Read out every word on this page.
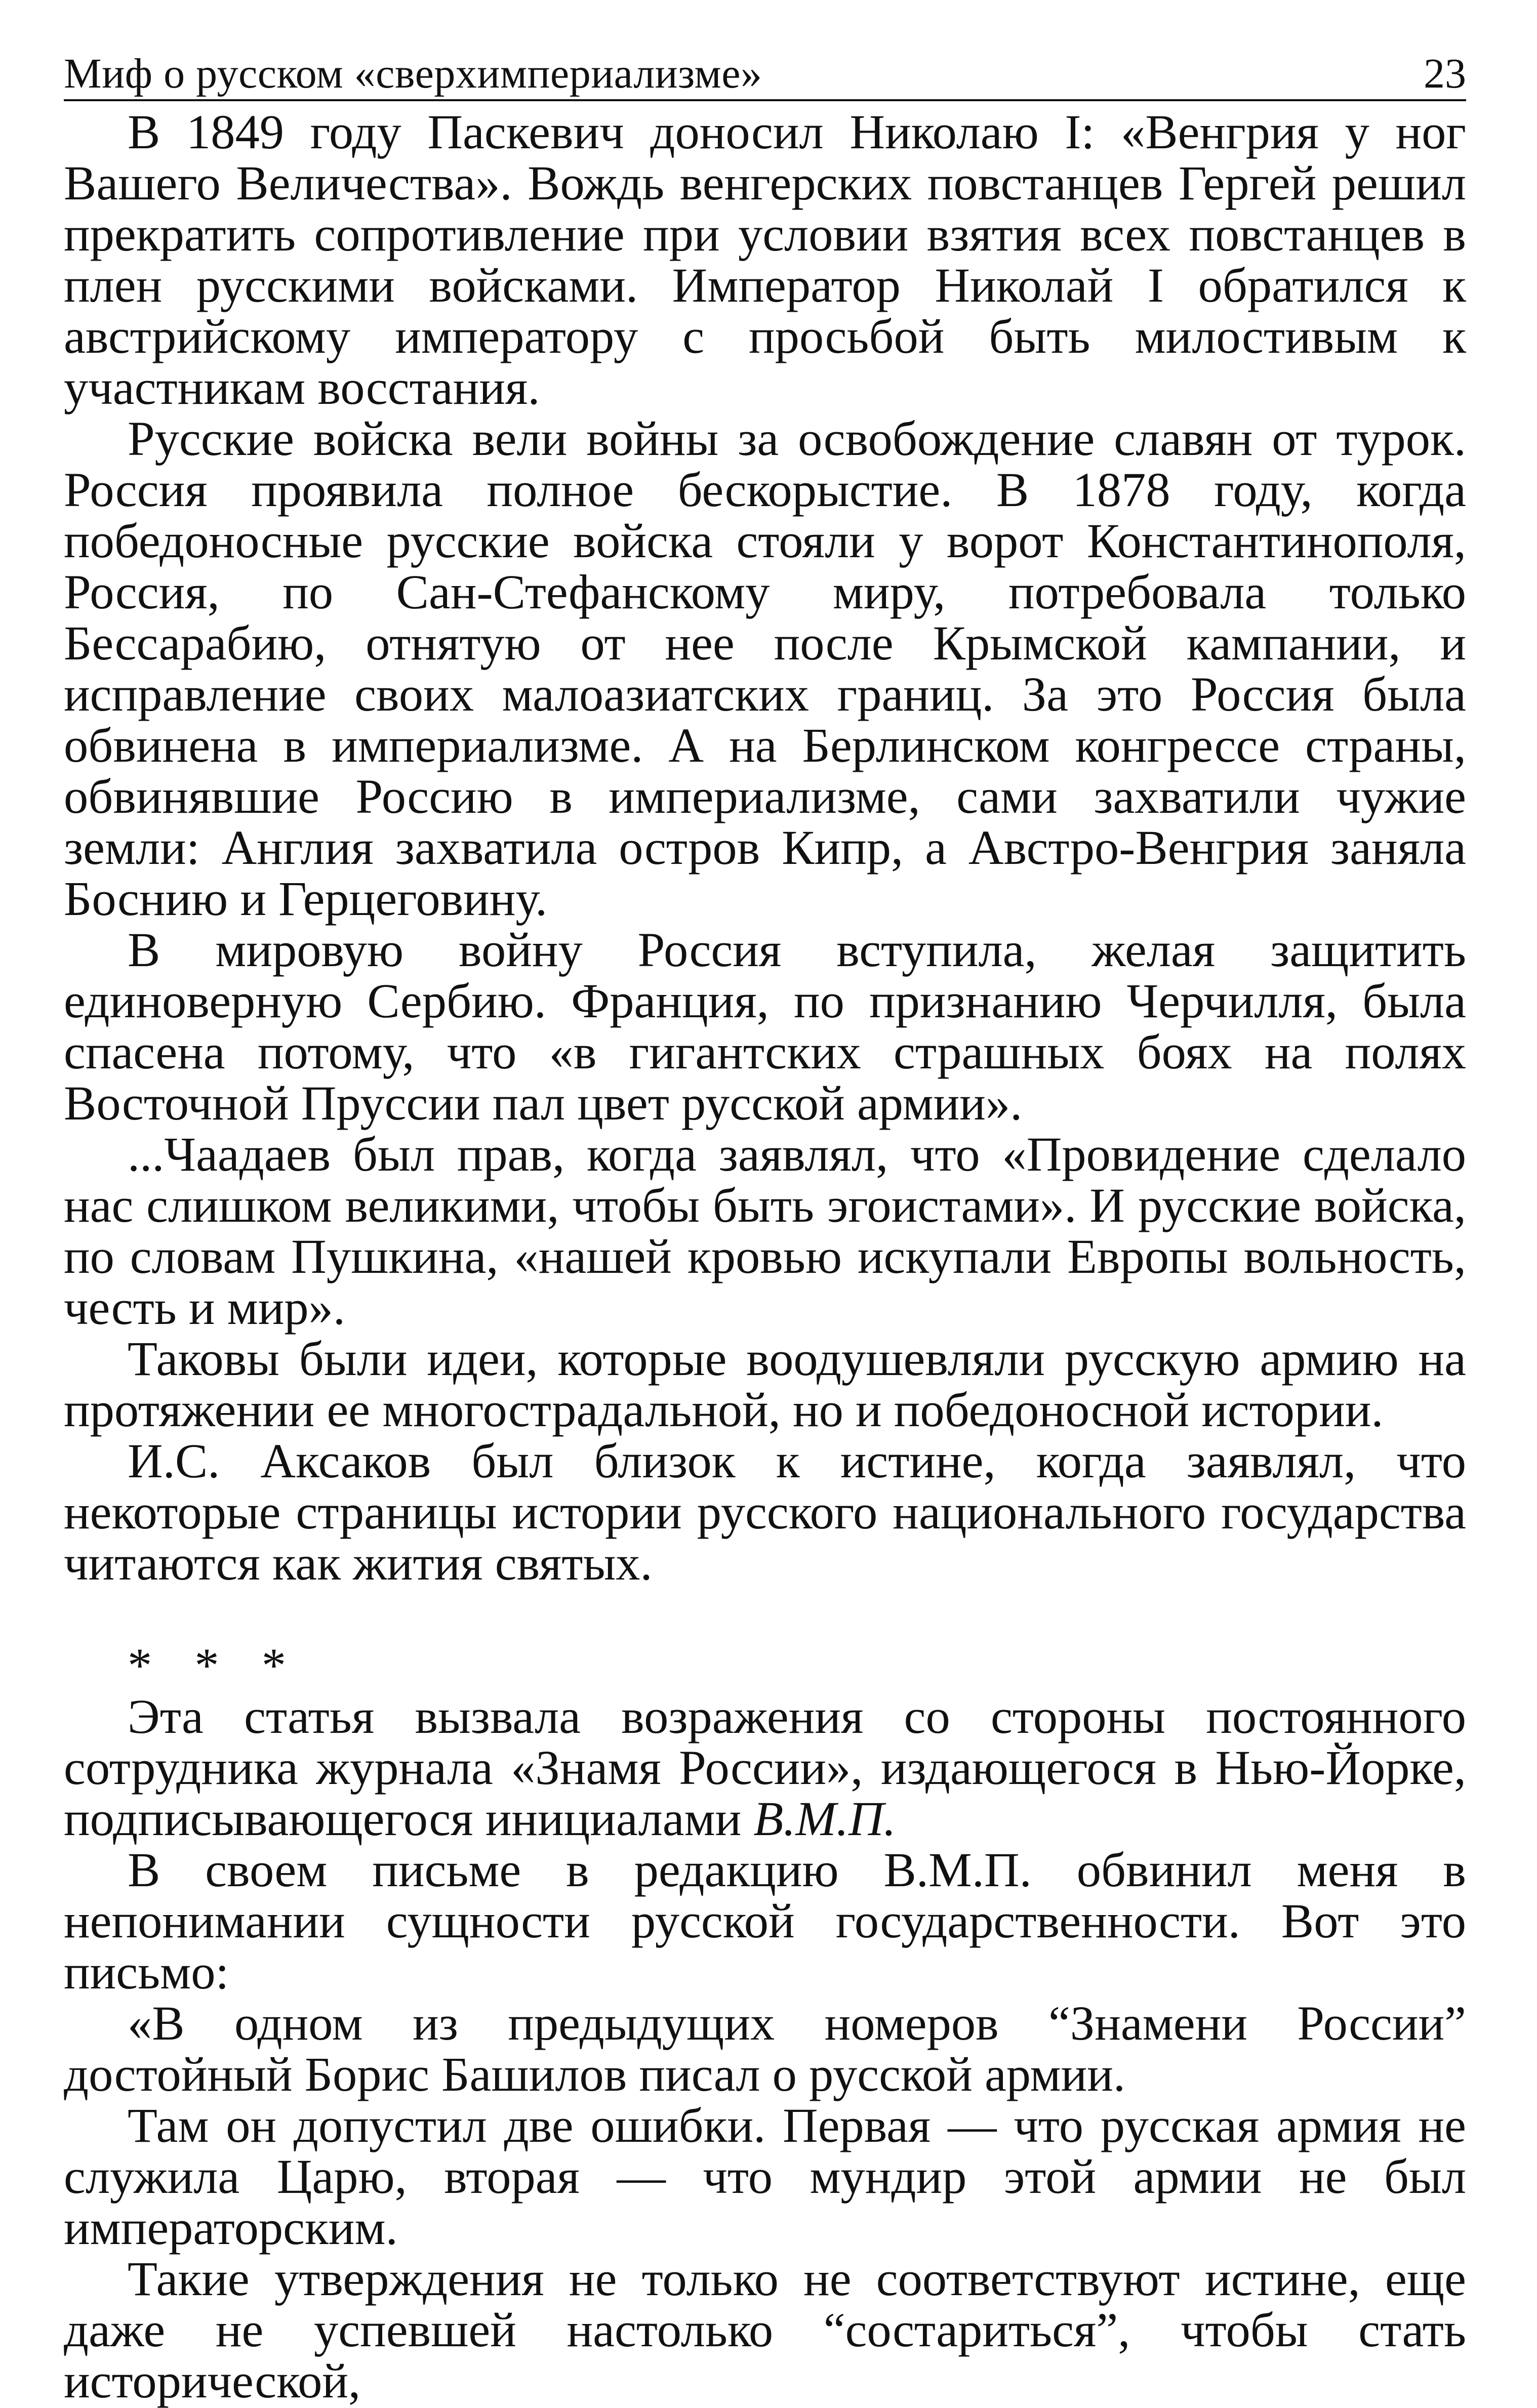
Миф о русском «сверхимпериализме»	23

В 1849 году Паскевич доносил Николаю I: «Венгрия у ног Вашего Величества». Вождь венгерских повстанцев Гергей решил прекратить сопротивление при условии взятия всех повстанцев в плен русскими войсками. Император Николай I обратился к австрийскому императору с просьбой быть милостивым к участникам восстания.

Русские войска вели войны за освобождение славян от турок. Россия проявила полное бескорыстие. В 1878 году, когда победоносные русские войска стояли у ворот Константинополя, Россия, по Сан-Стефанскому миру, потребовала только Бессарабию, отнятую от нее после Крымской кампании, и исправление своих малоазиатских границ. За это Россия была обвинена в империализме. А на Берлинском конгрессе страны, обвинявшие Россию в империализме, сами захватили чужие земли: Англия захватила остров Кипр, а Австро-Венгрия заняла Боснию и Герцеговину.

В мировую войну Россия вступила, желая защитить единоверную Сербию. Франция, по признанию Черчилля, была спасена потому, что «в гигантских страшных боях на полях Восточной Пруссии пал цвет русской армии».

...Чаадаев был прав, когда заявлял, что «Провидение сделало нас слишком великими, чтобы быть эгоистами». И русские войска, по словам Пушкина, «нашей кровью искупали Европы вольность, честь и мир».

Таковы были идеи, которые воодушевляли русскую армию на протяжении ее многострадальной, но и победоносной истории.

И.С. Аксаков был близок к истине, когда заявлял, что некоторые страницы истории русского национального государства читаются как жития святых.

* * *

Эта статья вызвала возражения со стороны постоянного сотрудника журнала «Знамя России», издающегося в Нью-Йорке, подписывающегося инициалами В.М.П.

В своем письме в редакцию В.М.П. обвинил меня в непонимании сущности русской государственности. Вот это письмо:

«В одном из предыдущих номеров “Знамени России” достойный Борис Башилов писал о русской армии.

Там он допустил две ошибки. Первая — что русская армия не служила Царю, вторая — что мундир этой армии не был императорским.

Такие утверждения не только не соответствуют истине, еще даже не успевшей настолько “состариться”, чтобы стать исторической,
